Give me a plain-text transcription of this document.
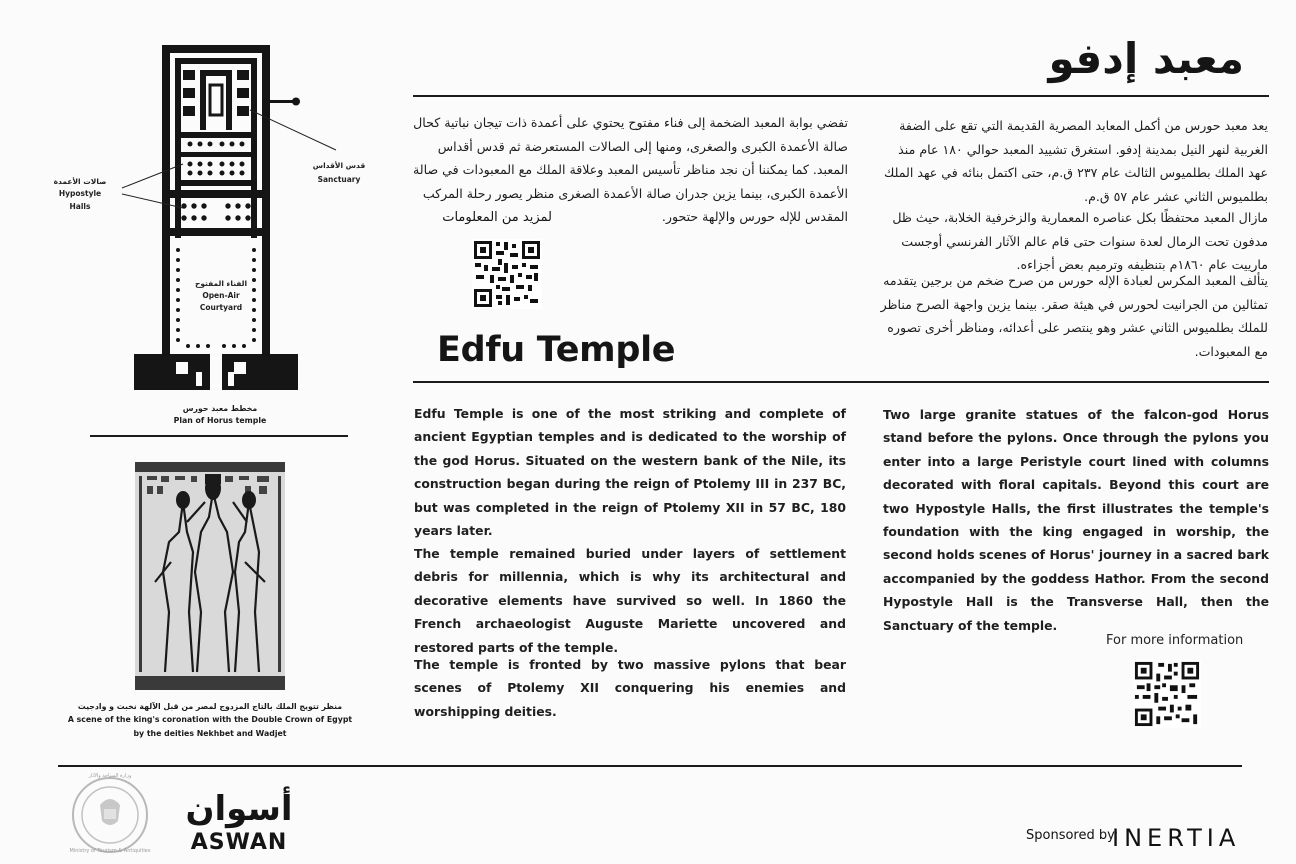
معبد إدفو
يعد معبد حورس من أكمل المعابد المصرية القديمة التي تقع على الضفة الغربية لنهر النيل بمدينة إدفو. استغرق تشييد المعبد حوالي ١٨٠ عام منذ عهد الملك بطلميوس الثالث عام ٢٣٧ ق.م، حتى اكتمل بنائه في عهد الملك بطلميوس الثاني عشر عام ٥٧ ق.م.
مازال المعبد محتفظًا بكل عناصره المعمارية والزخرفية الخلابة، حيث ظل مدفون تحت الرمال لعدة سنوات حتى قام عالم الآثار الفرنسي أوجست مارييت عام ١٨٦٠م بتنظيفه وترميم بعض أجزاءه.
يتألف المعبد المكرس لعبادة الإله حورس من صرح ضخم من برجين يتقدمه تمثالين من الجرانيت لحورس في هيئة صقر. بينما يزين واجهة الصرح مناظر للملك بطلميوس الثاني عشر وهو ينتصر على أعدائه، ومناظر أخرى تصوره مع المعبودات.
تفضي بوابة المعبد الضخمة إلى فناء مفتوح يحتوي على أعمدة ذات تيجان نباتية كحال صالة الأعمدة الكبرى والصغرى، ومنها إلى الصالات المستعرضة ثم قدس أقداس المعبد. كما يمكننا أن نجد مناظر تأسيس المعبد وعلاقة الملك مع المعبودات في صالة الأعمدة الكبرى، بينما يزين جدران صالة الأعمدة الصغرى منظر يصور رحلة المركب المقدس للإله حورس والإلهة حتحور.
لمزيد من المعلومات
Edfu Temple
Edfu Temple is one of the most striking and complete of ancient Egyptian temples and is dedicated to the worship of the god Horus. Situated on the western bank of the Nile, its construction began during the reign of Ptolemy III in 237 BC, but was completed in the reign of Ptolemy XII in 57 BC, 180 years later.
The temple remained buried under layers of settlement debris for millennia, which is why its architectural and decorative elements have survived so well. In 1860 the French archaeologist Auguste Mariette uncovered and restored parts of the temple.
The temple is fronted by two massive pylons that bear scenes of Ptolemy XII conquering his enemies and worshipping deities.
Two large granite statues of the falcon-god Horus stand before the pylons. Once through the pylons you enter into a large Peristyle court lined with columns decorated with floral capitals. Beyond this court are two Hypostyle Halls, the first illustrates the temple's foundation with the king engaged in worship, the second holds scenes of Horus' journey in a sacred bark accompanied by the goddess Hathor. From the second Hypostyle Hall is the Transverse Hall, then the Sanctuary of the temple.
For more information
صالات الأعمدة
Hypostyle
Halls
قدس الأقداس
Sanctuary
الفناء المفتوح
Open-Air
Courtyard
مخطط معبد حورس
Plan of Horus temple
منظر تتويج الملك بالتاج المزدوج لمصر من قبل الآلهة نخبت و وادجيت
A scene of the king's coronation with the Double Crown of Egypt
by the deities Nekhbet and Wadjet
Ministry of Tourism & Antiquities
وزارة السياحة والآثار
أسوان
ASWAN	Sponsored by:
INERTIA
